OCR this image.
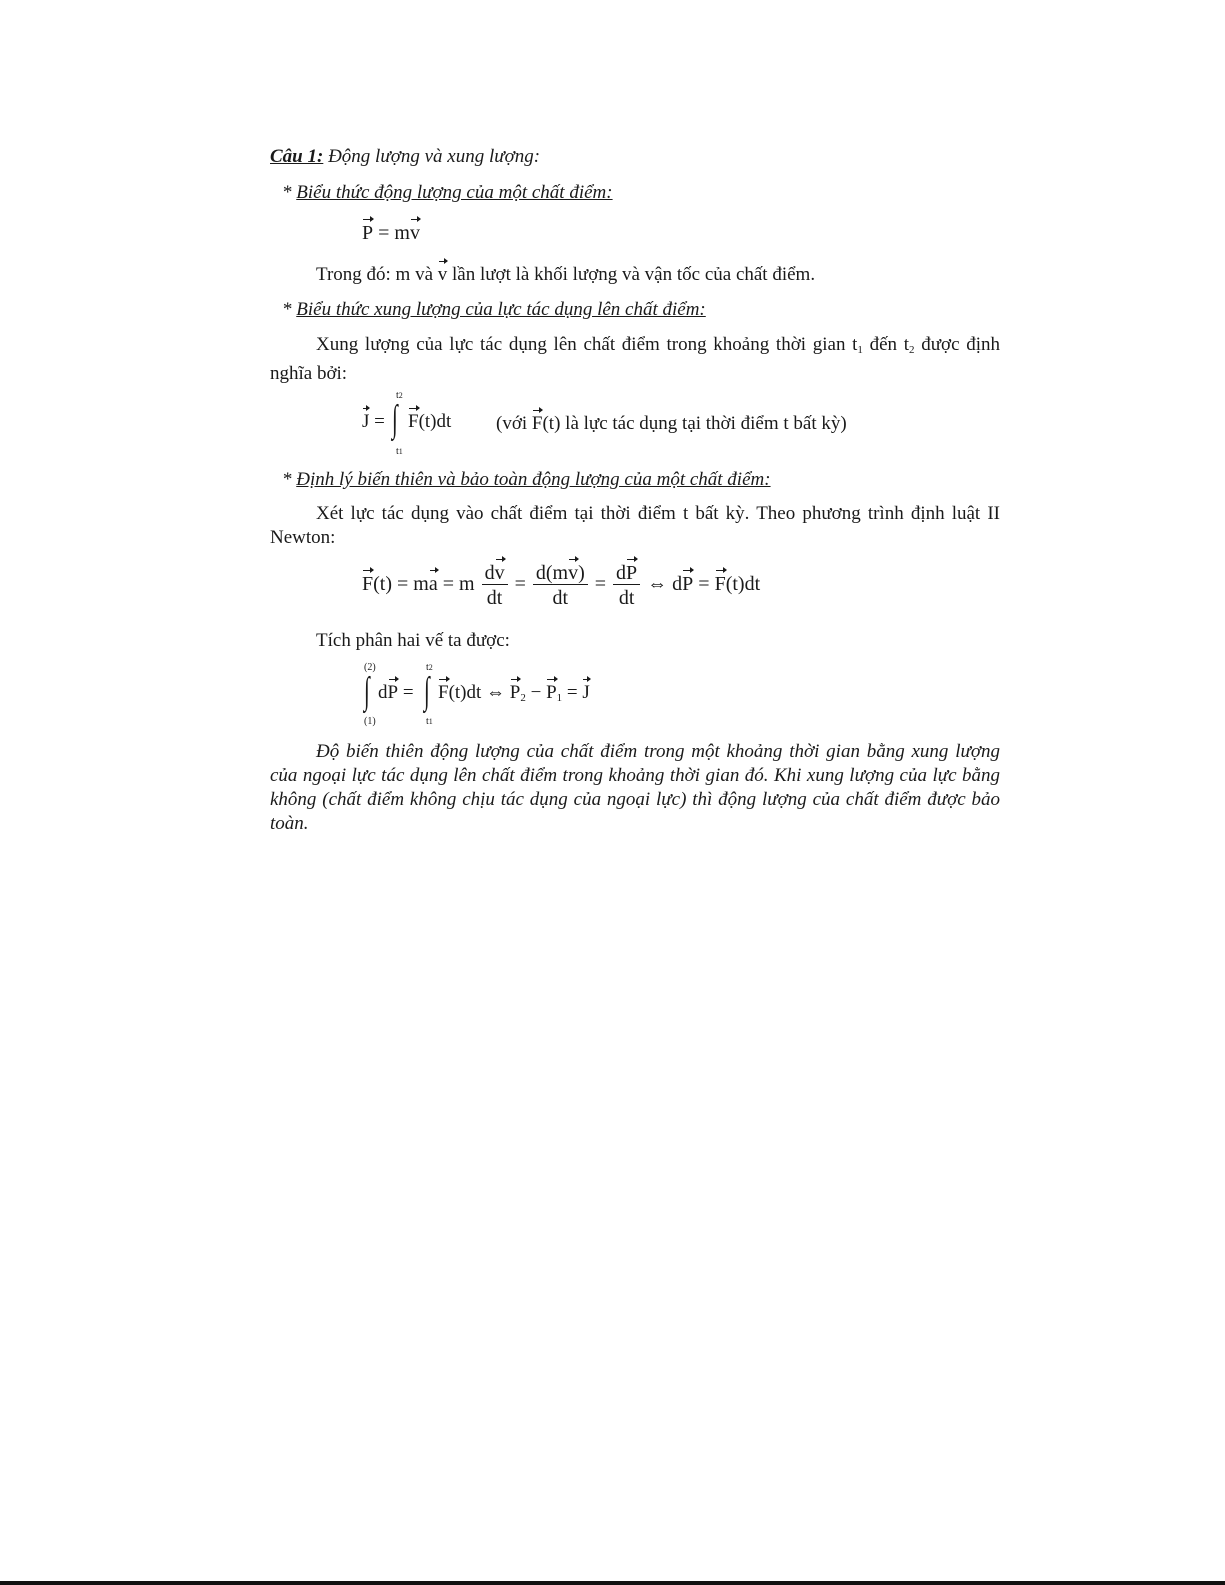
Câu 1: Động lượng và xung lượng:
* Biểu thức động lượng của một chất điểm:
P = mv
Trong đó: m và v lần lượt là khối lượng và vận tốc của chất điểm.
* Biểu thức xung lượng của lực tác dụng lên chất điểm:
Xung lượng của lực tác dụng lên chất điểm trong khoảng thời gian $t_1$ đến $t_2$ được định nghĩa bởi:
J =
t2
∫
t1
F(t)dt (với F(t) là lực tác dụng tại thời điểm t bất kỳ)
* Định lý biến thiên và bảo toàn động lượng của một chất điểm:
Xét lực tác dụng vào chất điểm tại thời điểm t bất kỳ. Theo phương trình định luật II Newton:
F(t) = ma = m $\frac{dv}{dt} = \frac{d(mv)}{dt} = \frac{dP}{dt}$ ⇔ dP = F(t)dt
Tích phân hai vế ta được:
(2)
∫
(1)
dP =
t2
∫
t1
F(t)dt ⇔ $P_2 - P_1 = J$
Độ biến thiên động lượng của chất điểm trong một khoảng thời gian bằng xung lượng của ngoại lực tác dụng lên chất điểm trong khoảng thời gian đó. Khi xung lượng của lực bằng không (chất điểm không chịu tác dụng của ngoại lực) thì động lượng của chất điểm được bảo toàn.
